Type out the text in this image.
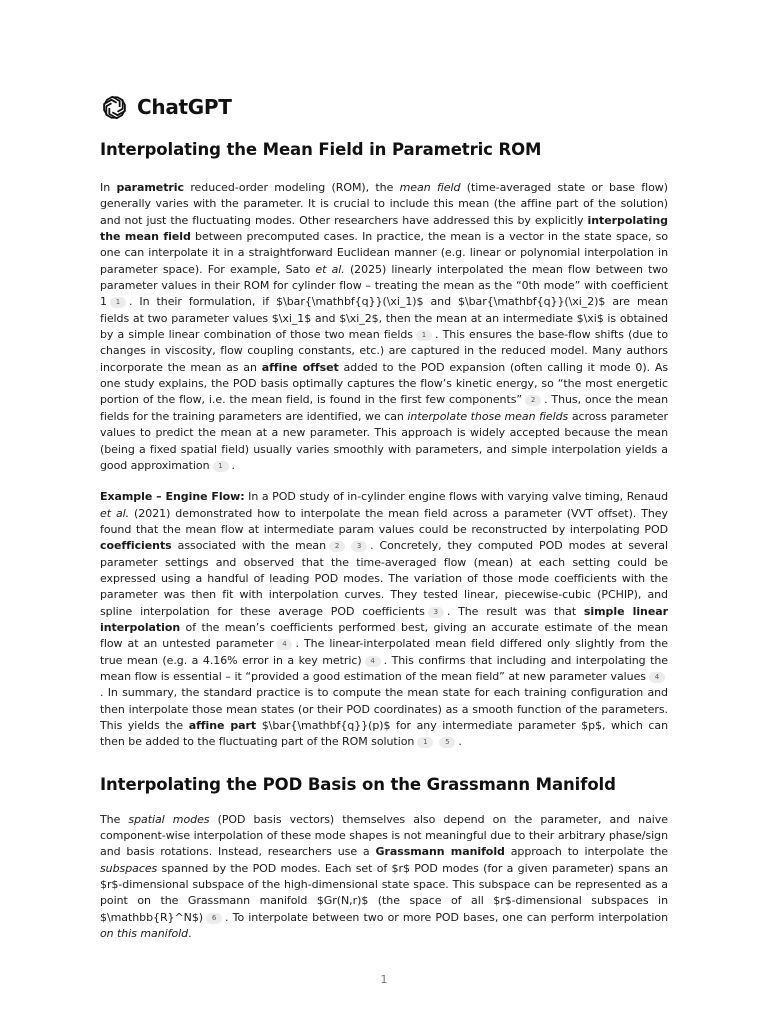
ChatGPT
Interpolating the Mean Field in Parametric ROM

In parametric reduced-order modeling (ROM), the mean field (time-averaged state or base flow) generally varies with the parameter. It is crucial to include this mean (the affine part of the solution) and not just the fluctuating modes. Other researchers have addressed this by explicitly interpolating the mean field between precomputed cases. In practice, the mean is a vector in the state space, so one can interpolate it in a straightforward Euclidean manner (e.g. linear or polynomial interpolation in parameter space). For example, Sato et al. (2025) linearly interpolated the mean flow between two parameter values in their ROM for cylinder flow – treating the mean as the “0th mode” with coefficient 1 1 . In their formulation, if $\bar{\mathbf{q}}(\xi_1)$ and $\bar{\mathbf{q}}(\xi_2)$ are mean fields at two parameter values $\xi_1$ and $\xi_2$, then the mean at an intermediate $\xi$ is obtained by a simple linear combination of those two mean fields 1 . This ensures the base-flow shifts (due to changes in viscosity, flow coupling constants, etc.) are captured in the reduced model. Many authors incorporate the mean as an affine offset added to the POD expansion (often calling it mode 0). As one study explains, the POD basis optimally captures the flow’s kinetic energy, so “the most energetic portion of the flow, i.e. the mean field, is found in the first few components” 2 . Thus, once the mean fields for the training parameters are identified, we can interpolate those mean fields across parameter values to predict the mean at a new parameter. This approach is widely accepted because the mean (being a fixed spatial field) usually varies smoothly with parameters, and simple interpolation yields a good approximation 1 .

Example – Engine Flow: In a POD study of in-cylinder engine flows with varying valve timing, Renaud et al. (2021) demonstrated how to interpolate the mean field across a parameter (VVT offset). They found that the mean flow at intermediate param values could be reconstructed by interpolating POD coefficients associated with the mean 2	3 . Concretely, they computed POD modes at several parameter settings and observed that the time-averaged flow (mean) at each setting could be expressed using a handful of leading POD modes. The variation of those mode coefficients with the parameter was then fit with interpolation curves. They tested linear, piecewise-cubic (PCHIP), and spline interpolation for these average POD coefficients 3 . The result was that simple linear interpolation of the mean’s coefficients performed best, giving an accurate estimate of the mean flow at an untested parameter 4 . The linear-interpolated mean field differed only slightly from the true mean (e.g. a 4.16% error in a key metric) 4 . This confirms that including and interpolating the mean flow is essential – it “provided a good estimation of the mean field” at new parameter values 4. In summary, the standard practice is to compute the mean state for each training configuration and then interpolate those mean states (or their POD coordinates) as a smooth function of the parameters. This yields the affine part $\bar{\mathbf{q}}(p)$ for any intermediate parameter $p$, which can then be added to the fluctuating part of the ROM solution 1	5 .

Interpolating the POD Basis on the Grassmann Manifold

The spatial modes (POD basis vectors) themselves also depend on the parameter, and naive component-wise interpolation of these mode shapes is not meaningful due to their arbitrary phase/sign and basis rotations. Instead, researchers use a Grassmann manifold approach to interpolate the subspaces spanned by the POD modes. Each set of $r$ POD modes (for a given parameter) spans an $r$-dimensional subspace of the high-dimensional state space. This subspace can be represented as a point on the Grassmann manifold $Gr(N,r)$ (the space of all $r$-dimensional subspaces in $\mathbb{R}^N$) 6 . To interpolate between two or more POD bases, one can perform interpolation on this manifold.

1
